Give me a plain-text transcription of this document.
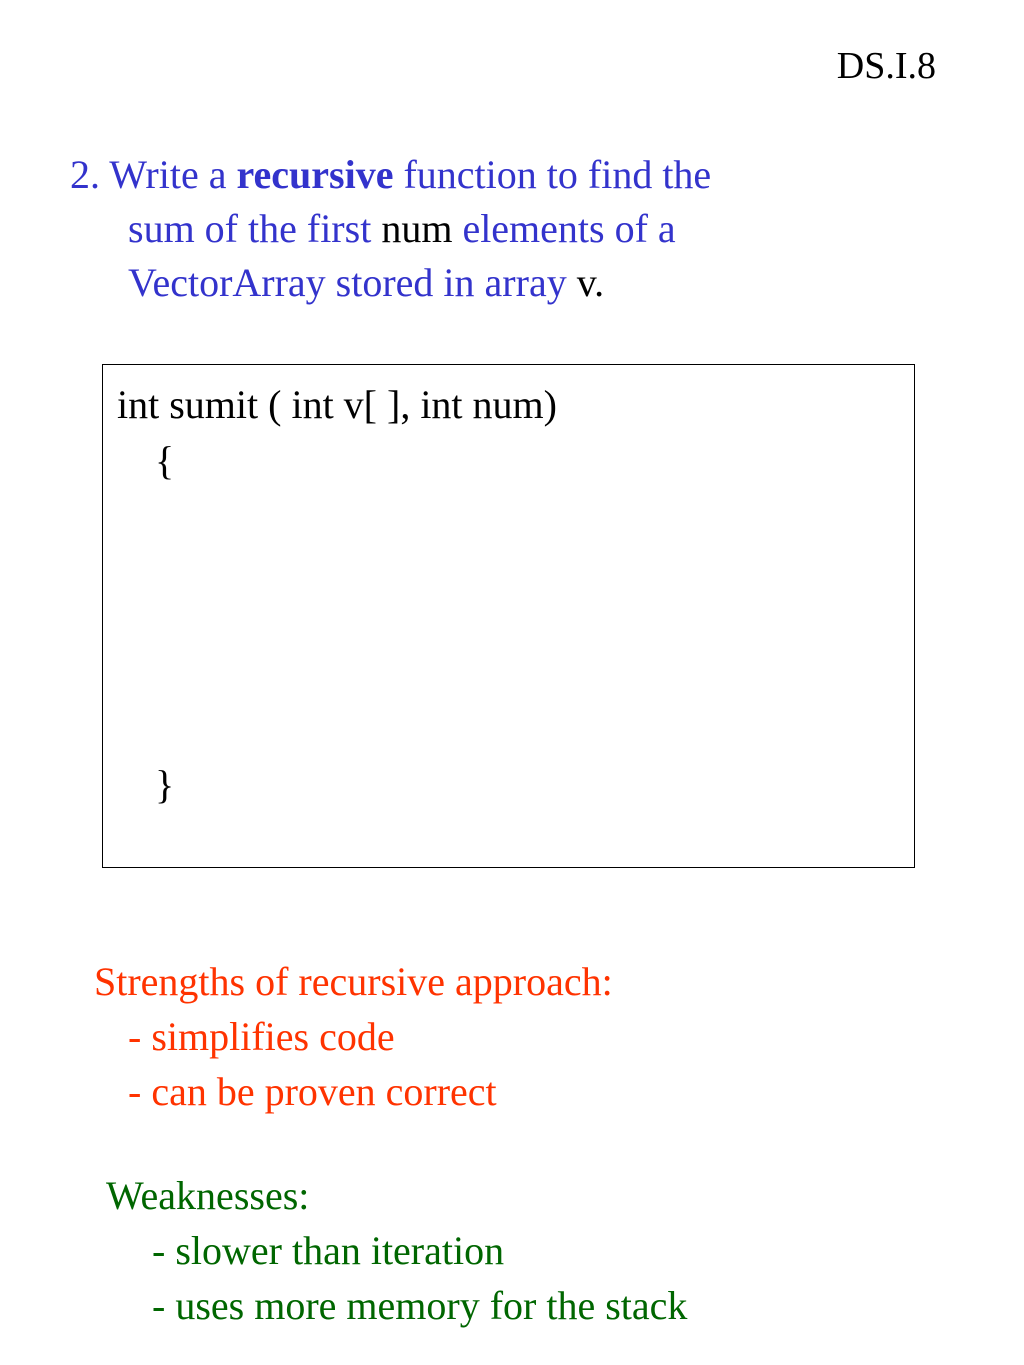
DS.I.8
2. Write a recursive function to find the
sum of the first num elements of a
VectorArray stored in array v.
int sumit ( int v[ ], int num)
{
}
Strengths of recursive approach:
- simplifies code
- can be proven correct
Weaknesses:
- slower than iteration
- uses more memory for the stack
